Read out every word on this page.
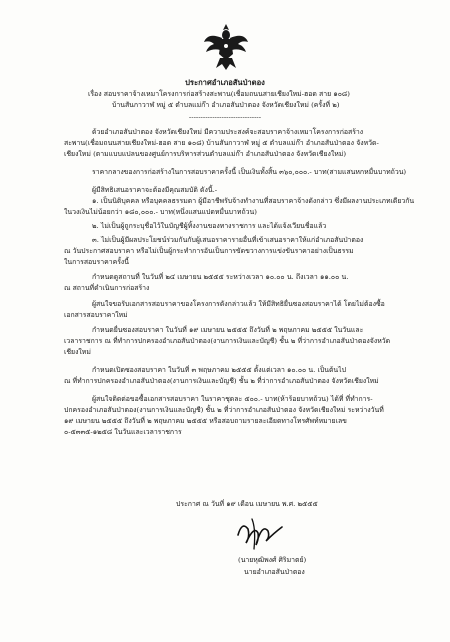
ประกาศอำเภอสันป่าตอง
เรื่อง สอบราคาจ้างเหมาโครงการก่อสร้างสะพาน(เชื่อมถนนสายเชียงใหม่-ฮอด สาย ๑๐๘)
บ้านสันกาวาฬ หมู่ ๕ ตำบลแม่ก๊า อำเภอสันป่าตอง จังหวัดเชียงใหม่ (ครั้งที่ ๒)
-------------------------------
ด้วยอำเภอสันป่าตอง จังหวัดเชียงใหม่ มีความประสงค์จะสอบราคาจ้างเหมาโครงการก่อสร้าง
สะพาน(เชื่อมถนนสายเชียงใหม่-ฮอด สาย ๑๐๘) บ้านสันกาวาฬ หมู่ ๕ ตำบลแม่ก๊า อำเภอสันป่าตอง จังหวัด-
เชียงใหม่ (ตามแบบแปลนของศูนย์การบริหารส่วนตำบลแม่ก๊า อำเภอสันป่าตอง จังหวัดเชียงใหม่)
ราคากลางของการก่อสร้างในการสอบราคาครั้งนี้ เป็นเงินทั้งสิ้น ๓๖๐,๐๐๐.- บาท(สามแสนหกหมื่นบาทถ้วน)
ผู้มีสิทธิเสนอราคาจะต้องมีคุณสมบัติ ดังนี้.-
๑. เป็นนิติบุคคล หรือบุคคลธรรมดา ผู้มีอาชีพรับจ้างทำงานที่สอบราคาจ้างดังกล่าว ซึ่งมีผลงานประเภทเดียวกัน
ในวงเงินไม่น้อยกว่า ๑๘๐,๐๐๐.- บาท(หนึ่งแสนแปดหมื่นบาทถ้วน)
๒. ไม่เป็นผู้ถูกระบุชื่อไว้ในบัญชีผู้ทิ้งงานของทางราชการ และได้แจ้งเวียนชื่อแล้ว
๓. ไม่เป็นผู้มีผลประโยชน์ร่วมกันกับผู้เสนอราคารายอื่นที่เข้าเสนอราคาให้แก่อำเภอสันป่าตอง
ณ วันประกาศสอบราคา หรือไม่เป็นผู้กระทำการอันเป็นการขัดขวางการแข่งขันราคาอย่างเป็นธรรม
ในการสอบราคาครั้งนี้
กำหนดดูสถานที่ ในวันที่ ๒๔ เมษายน ๒๕๕๕ ระหว่างเวลา ๑๐.๐๐ น. ถึงเวลา ๑๑.๐๐ น.
ณ สถานที่ดำเนินการก่อสร้าง
ผู้สนใจขอรับเอกสารสอบราคาของโครงการดังกล่าวแล้ว ให้มีสิทธิยื่นซองสอบราคาได้ โดยไม่ต้องซื้อ
เอกสารสอบราคาใหม่
กำหนดยื่นซองสอบราคา ในวันที่ ๑๙ เมษายน ๒๕๕๕ ถึงวันที่ ๒ พฤษภาคม ๒๕๕๕ ในวันและ
เวลาราชการ ณ ที่ทำการปกครองอำเภอสันป่าตอง(งานการเงินและบัญชี) ชั้น ๒ ที่ว่าการอำเภอสันป่าตองจังหวัด
เชียงใหม่
กำหนดเปิดซองสอบราคา ในวันที่ ๓ พฤษภาคม ๒๕๕๕ ตั้งแต่เวลา ๑๐.๐๐ น. เป็นต้นไป
ณ ที่ทำการปกครองอำเภอสันป่าตอง(งานการเงินและบัญชี) ชั้น ๒ ที่ว่าการอำเภอสันป่าตอง จังหวัดเชียงใหม่
ผู้สนใจติดต่อขอซื้อเอกสารสอบราคา ในราคาชุดละ ๕๐๐.- บาท(ห้าร้อยบาทถ้วน) ได้ที่ ที่ทำการ-
ปกครองอำเภอสันป่าตอง(งานการเงินและบัญชี) ชั้น ๒ ที่ว่าการอำเภอสันป่าตอง จังหวัดเชียงใหม่ ระหว่างวันที่
๑๙ เมษายน ๒๕๕๕ ถึงวันที่ ๒ พฤษภาคม ๒๕๕๕ หรือสอบถามรายละเอียดทางโทรศัพท์หมายเลข
๐-๕๓๓๕-๑๒๕๘ ในวันและเวลาราชการ
ประกาศ ณ วันที่ ๑๙ เดือน เมษายน พ.ศ. ๒๕๕๕
(นายหุฒิพงศ์ ศิริมาตย์)
นายอำเภอสันป่าตอง
